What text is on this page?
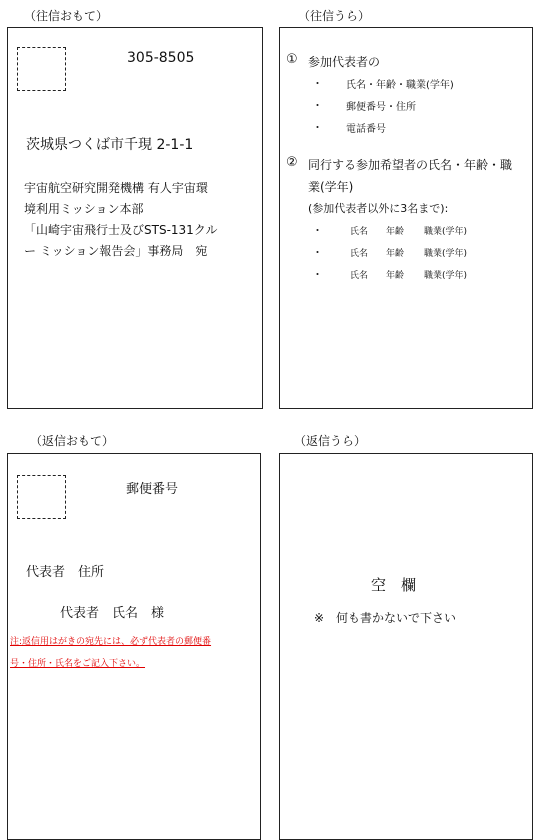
（往信おもて）	（往信うら）
（返信おもて）	（返信うら）
305-8505
茨城県つくば市千現 2-1-1
宇宙航空研究開発機構 有人宇宙環
境利用ミッション本部
「山崎宇宙飛行士及びSTS-131クル
ー ミッション報告会」事務局　宛
① 参加代表者の
・ 氏名・年齢・職業(学年)
・ 郵便番号・住所
・ 電話番号
② 同行する参加希望者の氏名・年齢・職
業(学年)
(参加代表者以外に3名まで):
・	氏名 年齢 職業(学年)
・	氏名 年齢 職業(学年)
・	氏名 年齢 職業(学年)
郵便番号
代表者　住所
代表者　氏名　様
注:返信用はがきの宛先には、必ず代表者の郵便番
号・住所・氏名をご記入下さい。
空　欄
※　何も書かないで下さい
